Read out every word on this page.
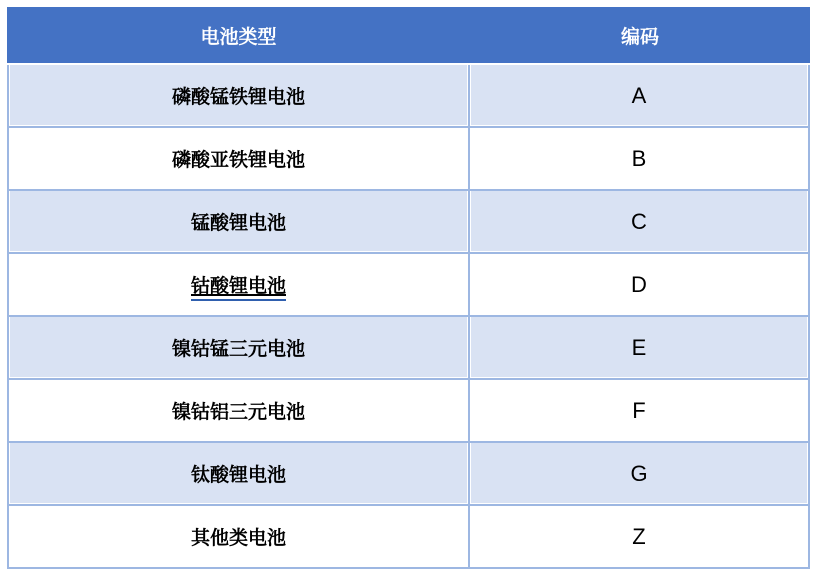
电池类型	编码
磷酸锰铁锂电池	A
磷酸亚铁锂电池	B
锰酸锂电池	C
钴酸锂电池	D
镍钴锰三元电池	E
镍钴铝三元电池	F
钛酸锂电池	G
其他类电池	Z
